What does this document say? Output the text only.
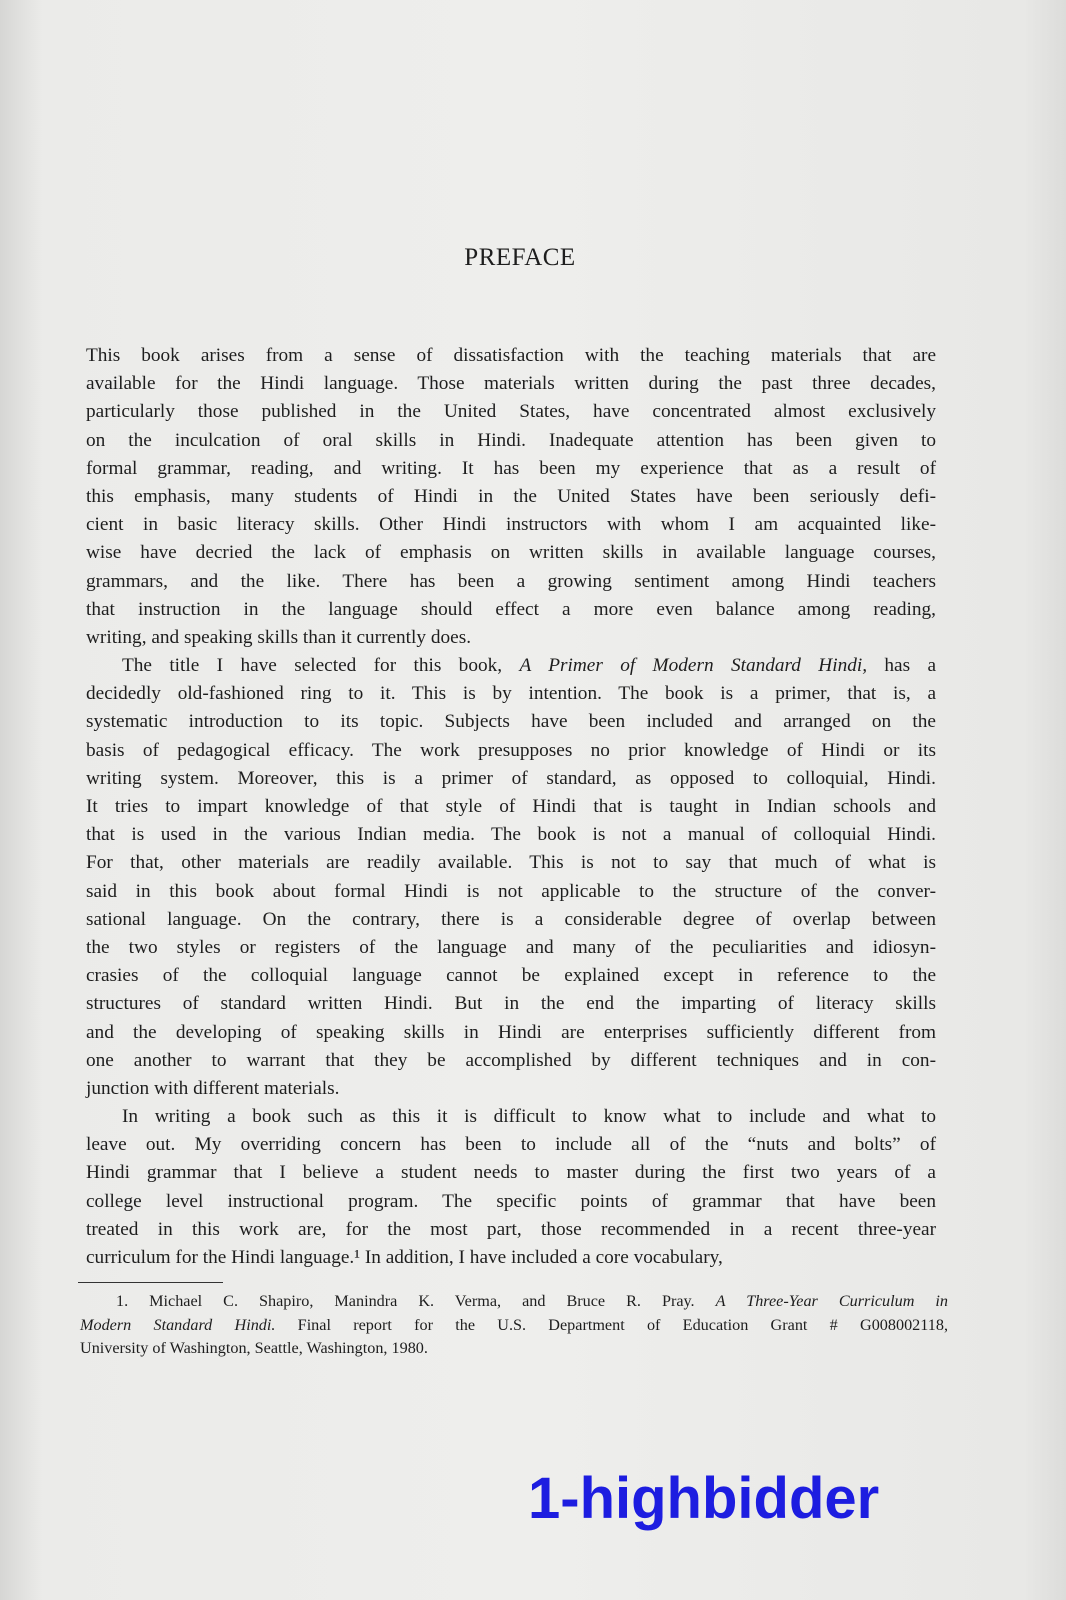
PREFACE
This book arises from a sense of dissatisfaction with the teaching materials that are
available for the Hindi language. Those materials written during the past three decades,
particularly those published in the United States, have concentrated almost exclusively
on the inculcation of oral skills in Hindi. Inadequate attention has been given to
formal grammar, reading, and writing. It has been my experience that as a result of
this emphasis, many students of Hindi in the United States have been seriously defi-
cient in basic literacy skills. Other Hindi instructors with whom I am acquainted like-
wise have decried the lack of emphasis on written skills in available language courses,
grammars, and the like. There has been a growing sentiment among Hindi teachers
that instruction in the language should effect a more even balance among reading,
writing, and speaking skills than it currently does.
The title I have selected for this book, A Primer of Modern Standard Hindi, has a
decidedly old-fashioned ring to it. This is by intention. The book is a primer, that is, a
systematic introduction to its topic. Subjects have been included and arranged on the
basis of pedagogical efficacy. The work presupposes no prior knowledge of Hindi or its
writing system. Moreover, this is a primer of standard, as opposed to colloquial, Hindi.
It tries to impart knowledge of that style of Hindi that is taught in Indian schools and
that is used in the various Indian media. The book is not a manual of colloquial Hindi.
For that, other materials are readily available. This is not to say that much of what is
said in this book about formal Hindi is not applicable to the structure of the conver-
sational language. On the contrary, there is a considerable degree of overlap between
the two styles or registers of the language and many of the peculiarities and idiosyn-
crasies of the colloquial language cannot be explained except in reference to the
structures of standard written Hindi. But in the end the imparting of literacy skills
and the developing of speaking skills in Hindi are enterprises sufficiently different from
one another to warrant that they be accomplished by different techniques and in con-
junction with different materials.
In writing a book such as this it is difficult to know what to include and what to
leave out. My overriding concern has been to include all of the “nuts and bolts” of
Hindi grammar that I believe a student needs to master during the first two years of a
college level instructional program. The specific points of grammar that have been
treated in this work are, for the most part, those recommended in a recent three-year
curriculum for the Hindi language.¹ In addition, I have included a core vocabulary,
1. Michael C. Shapiro, Manindra K. Verma, and Bruce R. Pray. A Three-Year Curriculum in
Modern Standard Hindi. Final report for the U.S. Department of Education Grant # G008002118,
University of Washington, Seattle, Washington, 1980.
1-highbidder
